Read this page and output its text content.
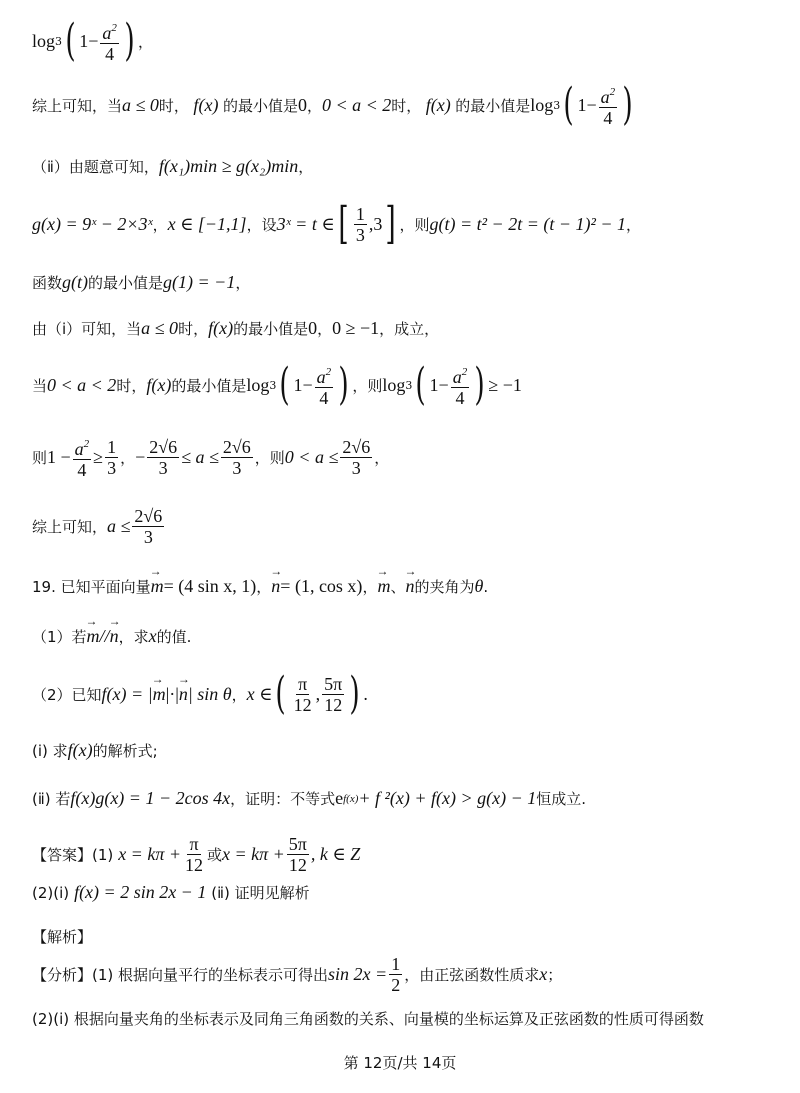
log 3 ( $1 - \frac{a^2}{4}$ ) ，
综上可知，当 a ≤ 0 时， f(x) 的最小值是 0 ， 0 < a < 2 时， f(x) 的最小值是 log 3 ( $1 - \frac{a^2}{4}$ )
（ⅱ）由题意可知， f(x₁)min ≥ g(x₂)min ，
g(x) = 9ˣ − 2×3ˣ ， x ∈ [−1,1] ，设 3ˣ = t ∈ [ $\frac{1}{3} ,3$ ] ，则 g(t) = t² − 2t = (t − 1)² − 1 ，
函数 g(t) 的最小值是 g(1) = −1 ，
由（ⅰ）可知，当 a ≤ 0 时， f(x) 的最小值是 0 ， 0 ≥ −1 ，成立，
当 0 < a < 2 时， f(x) 的最小值是 log 3 ( $1- \frac{a^2}{4}$ ) ，则 log 3 ( $1- \frac{a^2}{4}$ ) ≥ −1
则 $1 - \frac{a^2}{4} \ge \frac{1}{3}$ ， − $\frac{2√6}{3} \le a \le \frac{2√6}{3}$ ，则 $0 < a \le \frac{2√6}{3}$ ，
综上可知， $a \le \frac{2√6}{3}$
19. 已知平面向量 → m = (4 sin x, 1) ， → n = (1, cos x) ， → m 、 → n 的夹角为 θ .
（1）若 → m // → n ，求 x 的值.
（2）已知 f(x) = | → m |·| → n | sin θ ， x ∈ ( $\frac{\pi}{12}$ , $\frac{5\pi}{12}$ ) .
(ⅰ) 求 f(x) 的解析式;
(ⅱ) 若 f(x)g(x) = 1 − 2cos 4x ，证明：不等式 e f(x) + f ²(x) + f(x) > g(x) − 1 恒成立.
【答案】(1)
$x = k\pi + \frac{\pi}{12}$ 或 $x = k\pi + \frac{5\pi}{12}$ , k ∈ Z
(2)(ⅰ)
f(x) = 2 sin 2x − 1
(ⅱ) 证明见解析
【解析】
【分析】(1) 根据向量平行的坐标表示可得出 $\sin 2x = \frac{1}{2}$ ，由正弦函数性质求 x ；
(2)(ⅰ) 根据向量夹角的坐标表示及同角三角函数的关系、向量模的坐标运算及正弦函数的性质可得函数
第 12页/共 14页
